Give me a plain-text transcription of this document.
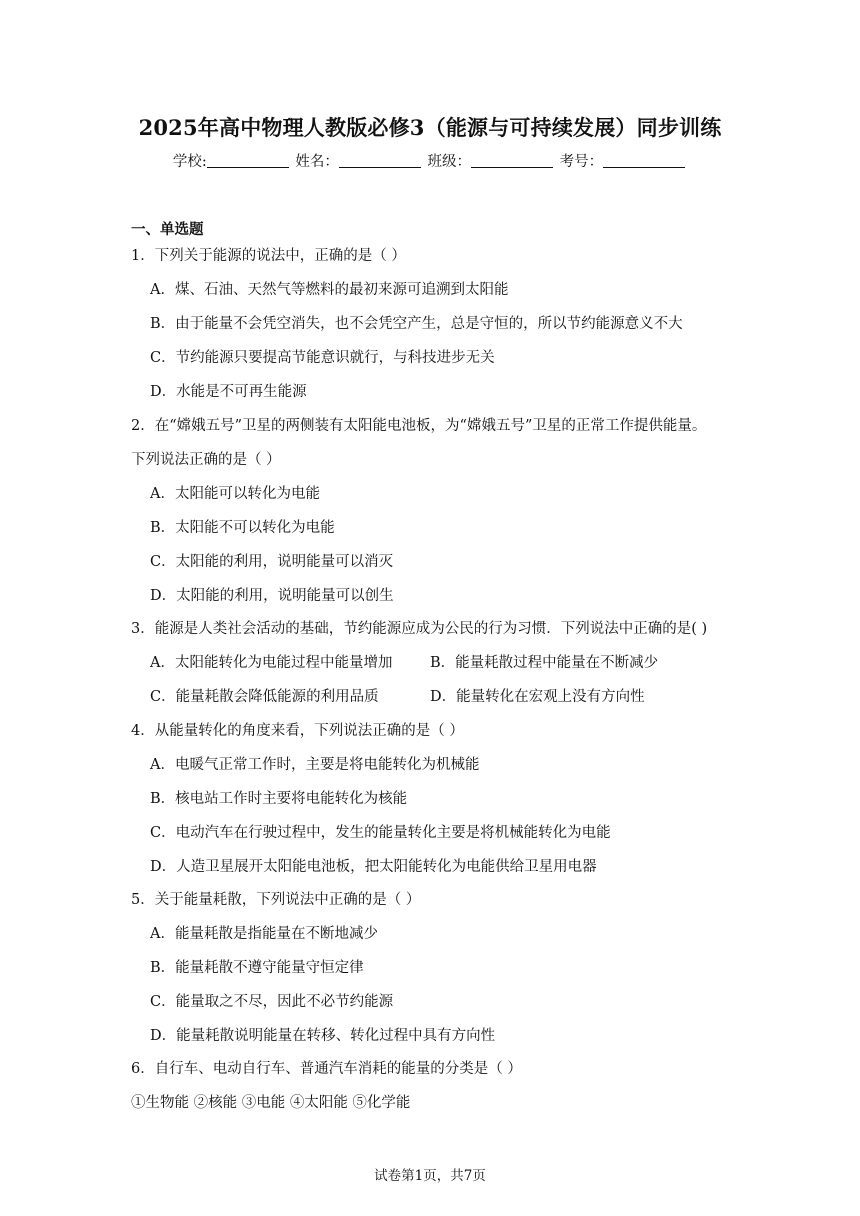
2025年高中物理人教版必修3（能源与可持续发展）同步训练
学校:	姓名：	班级：	考号：
一、单选题
1．下列关于能源的说法中，正确的是（ ）
A．煤、石油、天然气等燃料的最初来源可追溯到太阳能
B．由于能量不会凭空消失，也不会凭空产生，总是守恒的，所以节约能源意义不大
C．节约能源只要提高节能意识就行，与科技进步无关
D．水能是不可再生能源
2．在“嫦娥五号”卫星的两侧装有太阳能电池板，为“嫦娥五号”卫星的正常工作提供能量。
下列说法正确的是（ ）
A．太阳能可以转化为电能
B．太阳能不可以转化为电能
C．太阳能的利用，说明能量可以消灭
D．太阳能的利用，说明能量可以创生
3．能源是人类社会活动的基础，节约能源应成为公民的行为习惯．下列说法中正确的是( )
A．太阳能转化为电能过程中能量增加	B．能量耗散过程中能量在不断减少
C．能量耗散会降低能源的利用品质	D．能量转化在宏观上没有方向性
4．从能量转化的角度来看，下列说法正确的是（ ）
A．电暖气正常工作时，主要是将电能转化为机械能
B．核电站工作时主要将电能转化为核能
C．电动汽车在行驶过程中，发生的能量转化主要是将机械能转化为电能
D．人造卫星展开太阳能电池板，把太阳能转化为电能供给卫星用电器
5．关于能量耗散，下列说法中正确的是（ ）
A．能量耗散是指能量在不断地减少
B．能量耗散不遵守能量守恒定律
C．能量取之不尽，因此不必节约能源
D．能量耗散说明能量在转移、转化过程中具有方向性
6．自行车、电动自行车、普通汽车消耗的能量的分类是（ ）
①生物能 ②核能 ③电能 ④太阳能 ⑤化学能
试卷第1页，共7页
